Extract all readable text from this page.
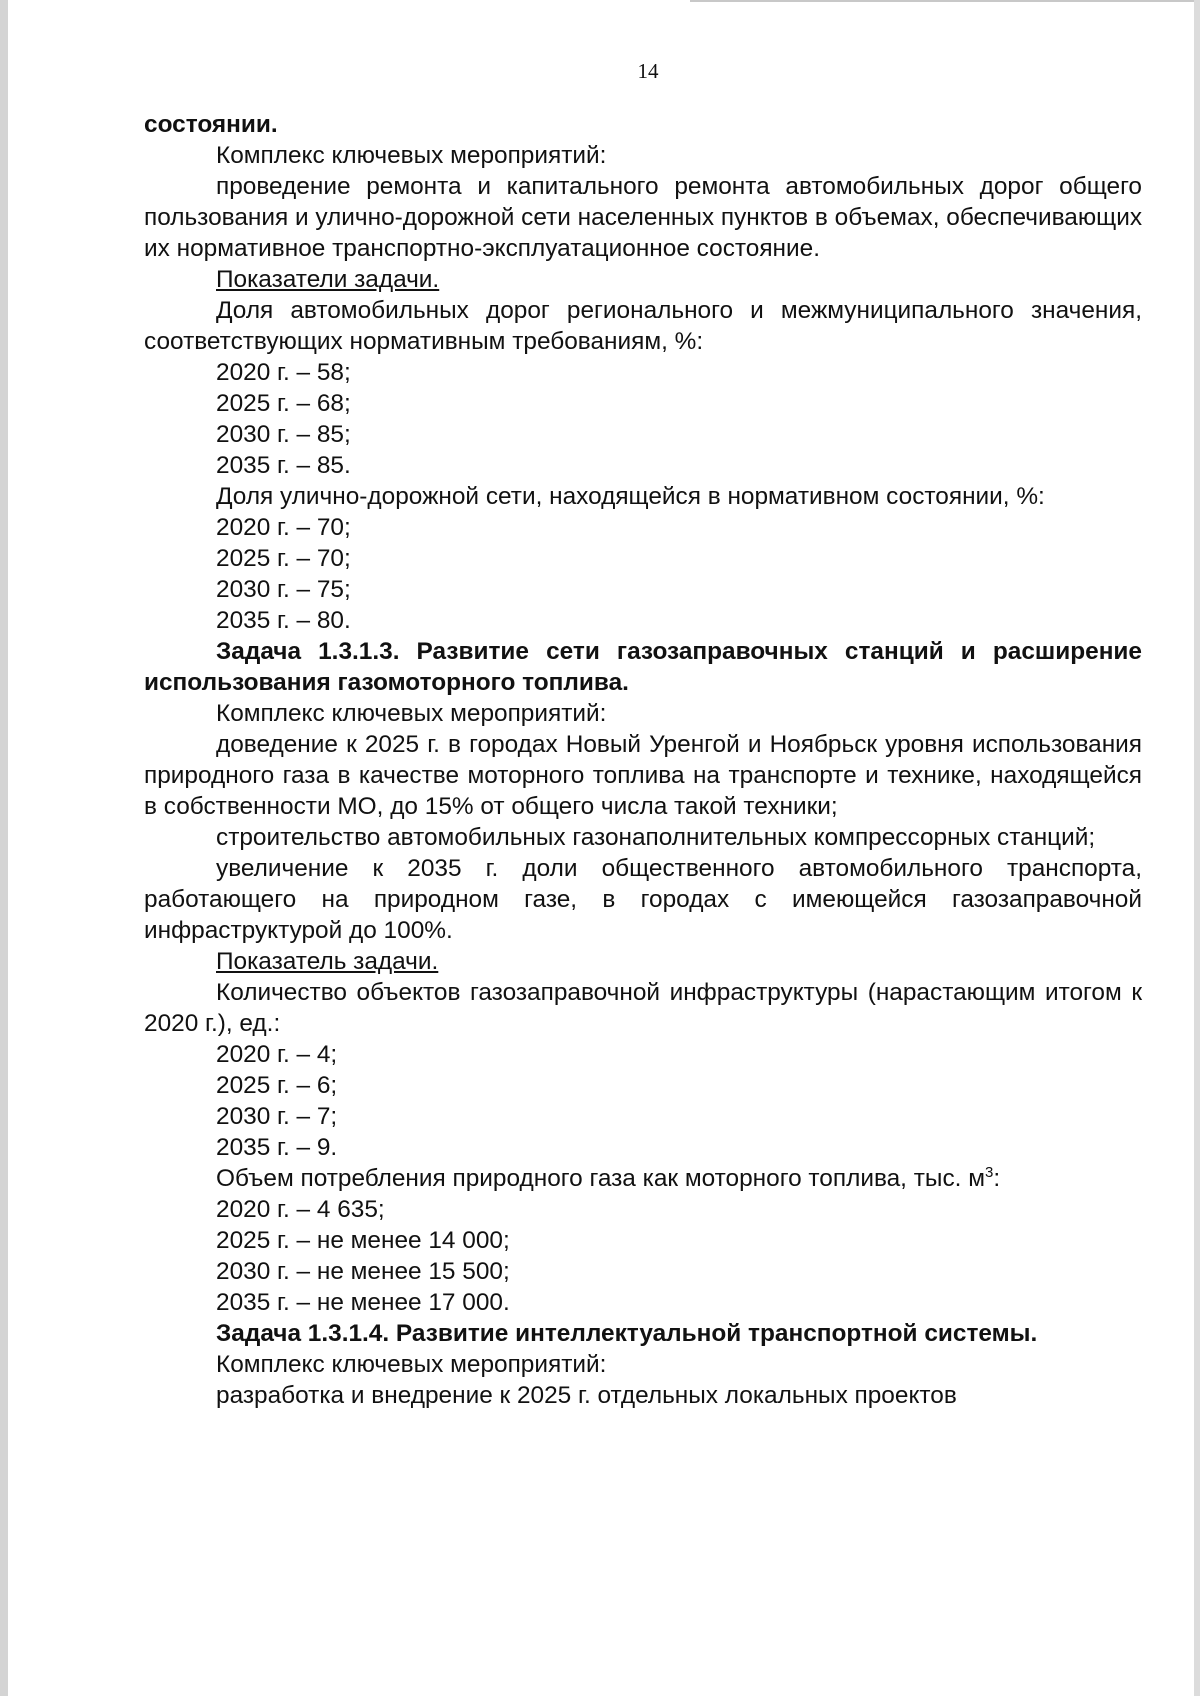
14

состоянии.

Комплекс ключевых мероприятий:

проведение ремонта и капитального ремонта автомобильных дорог общего пользования и улично-дорожной сети населенных пунктов в объемах, обеспечивающих их нормативное транспортно-эксплуатационное состояние.

Показатели задачи.

Доля автомобильных дорог регионального и межмуниципального значения, соответствующих нормативным требованиям, %:

2020 г. – 58;

2025 г. – 68;

2030 г. – 85;

2035 г. – 85.

Доля улично-дорожной сети, находящейся в нормативном состоянии, %:

2020 г. – 70;

2025 г. – 70;

2030 г. – 75;

2035 г. – 80.

Задача 1.3.1.3. Развитие сети газозаправочных станций и расширение использования газомоторного топлива.

Комплекс ключевых мероприятий:

доведение к 2025 г. в городах Новый Уренгой и Ноябрьск уровня использования природного газа в качестве моторного топлива на транспорте и технике, находящейся в собственности МО, до 15% от общего числа такой техники;

строительство автомобильных газонаполнительных компрессорных станций;

увеличение к 2035 г. доли общественного автомобильного транспорта, работающего на природном газе, в городах с имеющейся газозаправочной инфраструктурой до 100%.

Показатель задачи.

Количество объектов газозаправочной инфраструктуры (нарастающим итогом к 2020 г.), ед.:

2020 г. – 4;

2025 г. – 6;

2030 г. – 7;

2035 г. – 9.

Объем потребления природного газа как моторного топлива, тыс. $м^3$:

2020 г. – 4 635;

2025 г. – не менее 14 000;

2030 г. – не менее 15 500;

2035 г. – не менее 17 000.

Задача 1.3.1.4. Развитие интеллектуальной транспортной системы.

Комплекс ключевых мероприятий:

разработка и внедрение к 2025 г. отдельных локальных проектов
